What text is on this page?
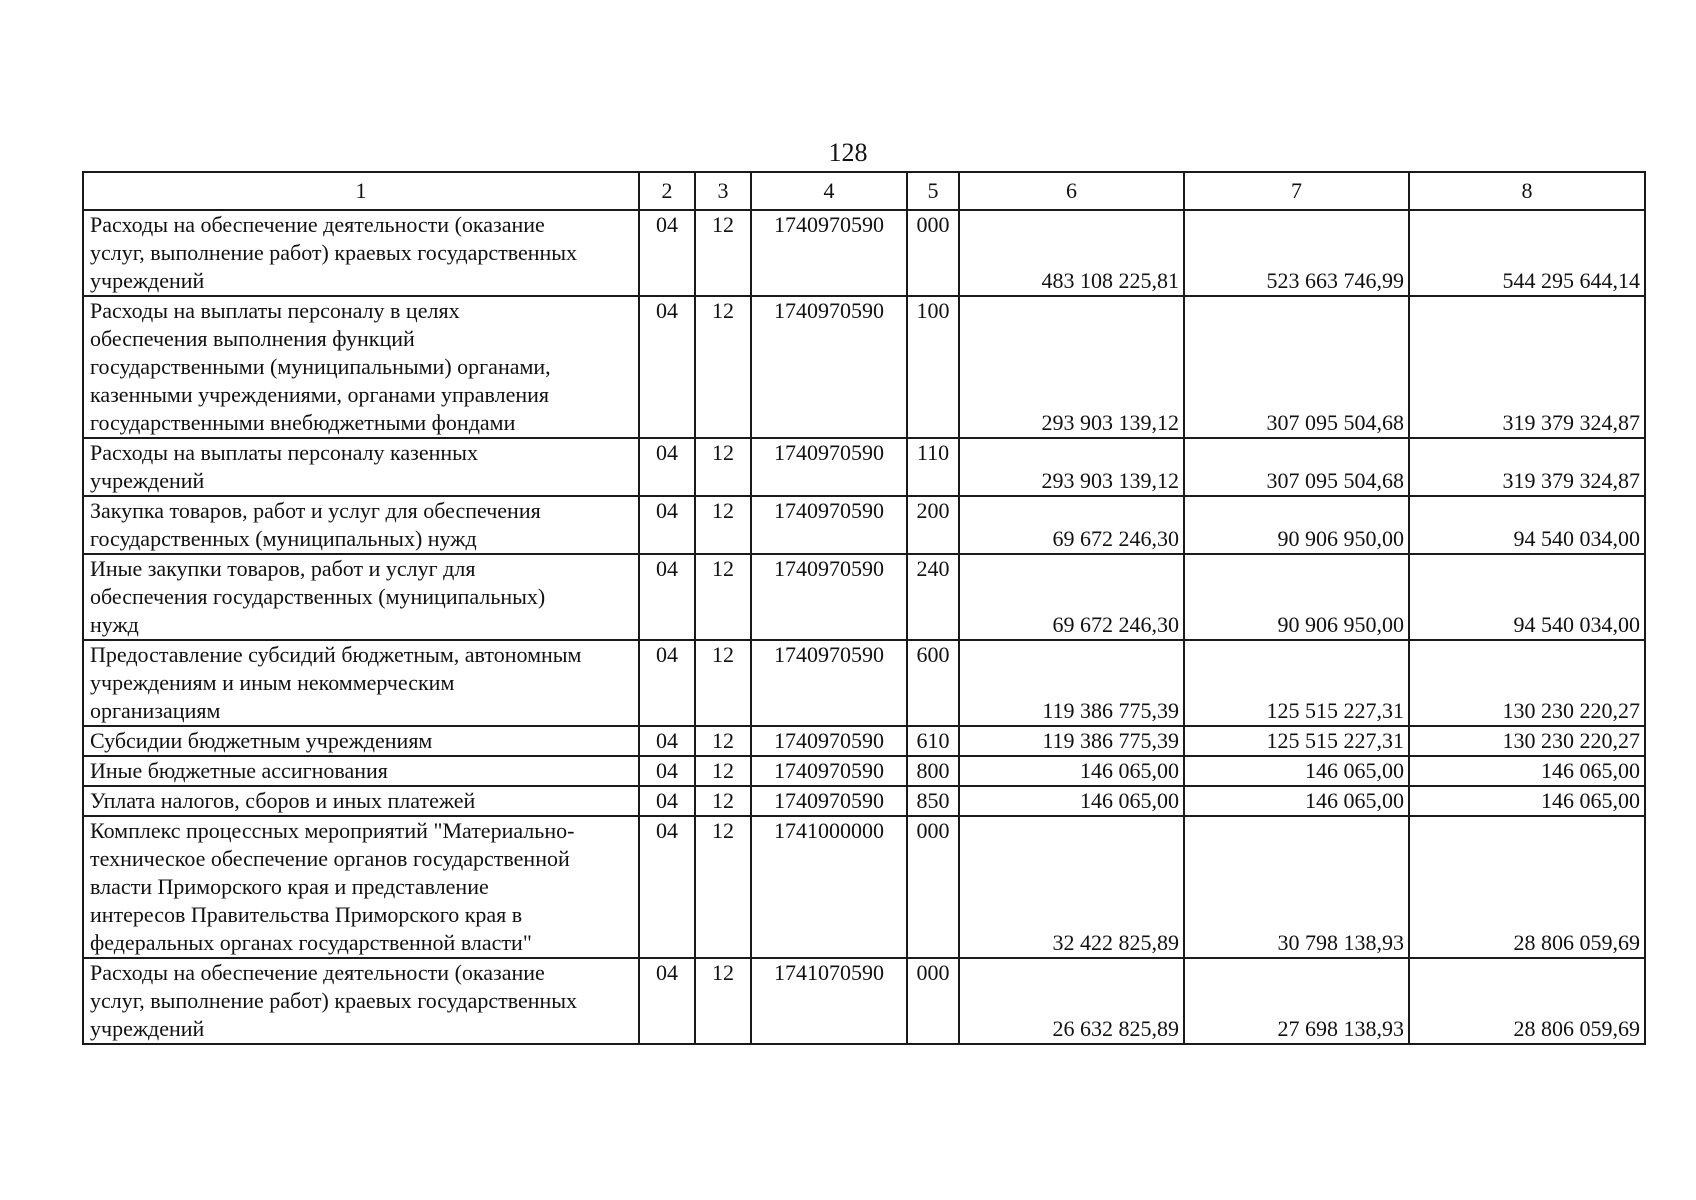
128
1	2	3	4	5	6	7	8
Расходы на обеспечение деятельности (оказание
услуг, выполнение работ) краевых государственных
учреждений	04	12	1740970590	000	483 108 225,81	523 663 746,99	544 295 644,14
Расходы на выплаты персоналу в целях
обеспечения выполнения функций
государственными (муниципальными) органами,
казенными учреждениями, органами управления
государственными внебюджетными фондами	04	12	1740970590	100	293 903 139,12	307 095 504,68	319 379 324,87
Расходы на выплаты персоналу казенных
учреждений	04	12	1740970590	110	293 903 139,12	307 095 504,68	319 379 324,87
Закупка товаров, работ и услуг для обеспечения
государственных (муниципальных) нужд	04	12	1740970590	200	69 672 246,30	90 906 950,00	94 540 034,00
Иные закупки товаров, работ и услуг для
обеспечения государственных (муниципальных)
нужд	04	12	1740970590	240	69 672 246,30	90 906 950,00	94 540 034,00
Предоставление субсидий бюджетным, автономным
учреждениям и иным некоммерческим
организациям	04	12	1740970590	600	119 386 775,39	125 515 227,31	130 230 220,27
Субсидии бюджетным учреждениям	04	12	1740970590	610	119 386 775,39	125 515 227,31	130 230 220,27
Иные бюджетные ассигнования	04	12	1740970590	800	146 065,00	146 065,00	146 065,00
Уплата налогов, сборов и иных платежей	04	12	1740970590	850	146 065,00	146 065,00	146 065,00
Комплекс процессных мероприятий "Материально-
техническое обеспечение органов государственной
власти Приморского края и представление
интересов Правительства Приморского края в
федеральных органах государственной власти"	04	12	1741000000	000	32 422 825,89	30 798 138,93	28 806 059,69
Расходы на обеспечение деятельности (оказание
услуг, выполнение работ) краевых государственных
учреждений	04	12	1741070590	000	26 632 825,89	27 698 138,93	28 806 059,69
